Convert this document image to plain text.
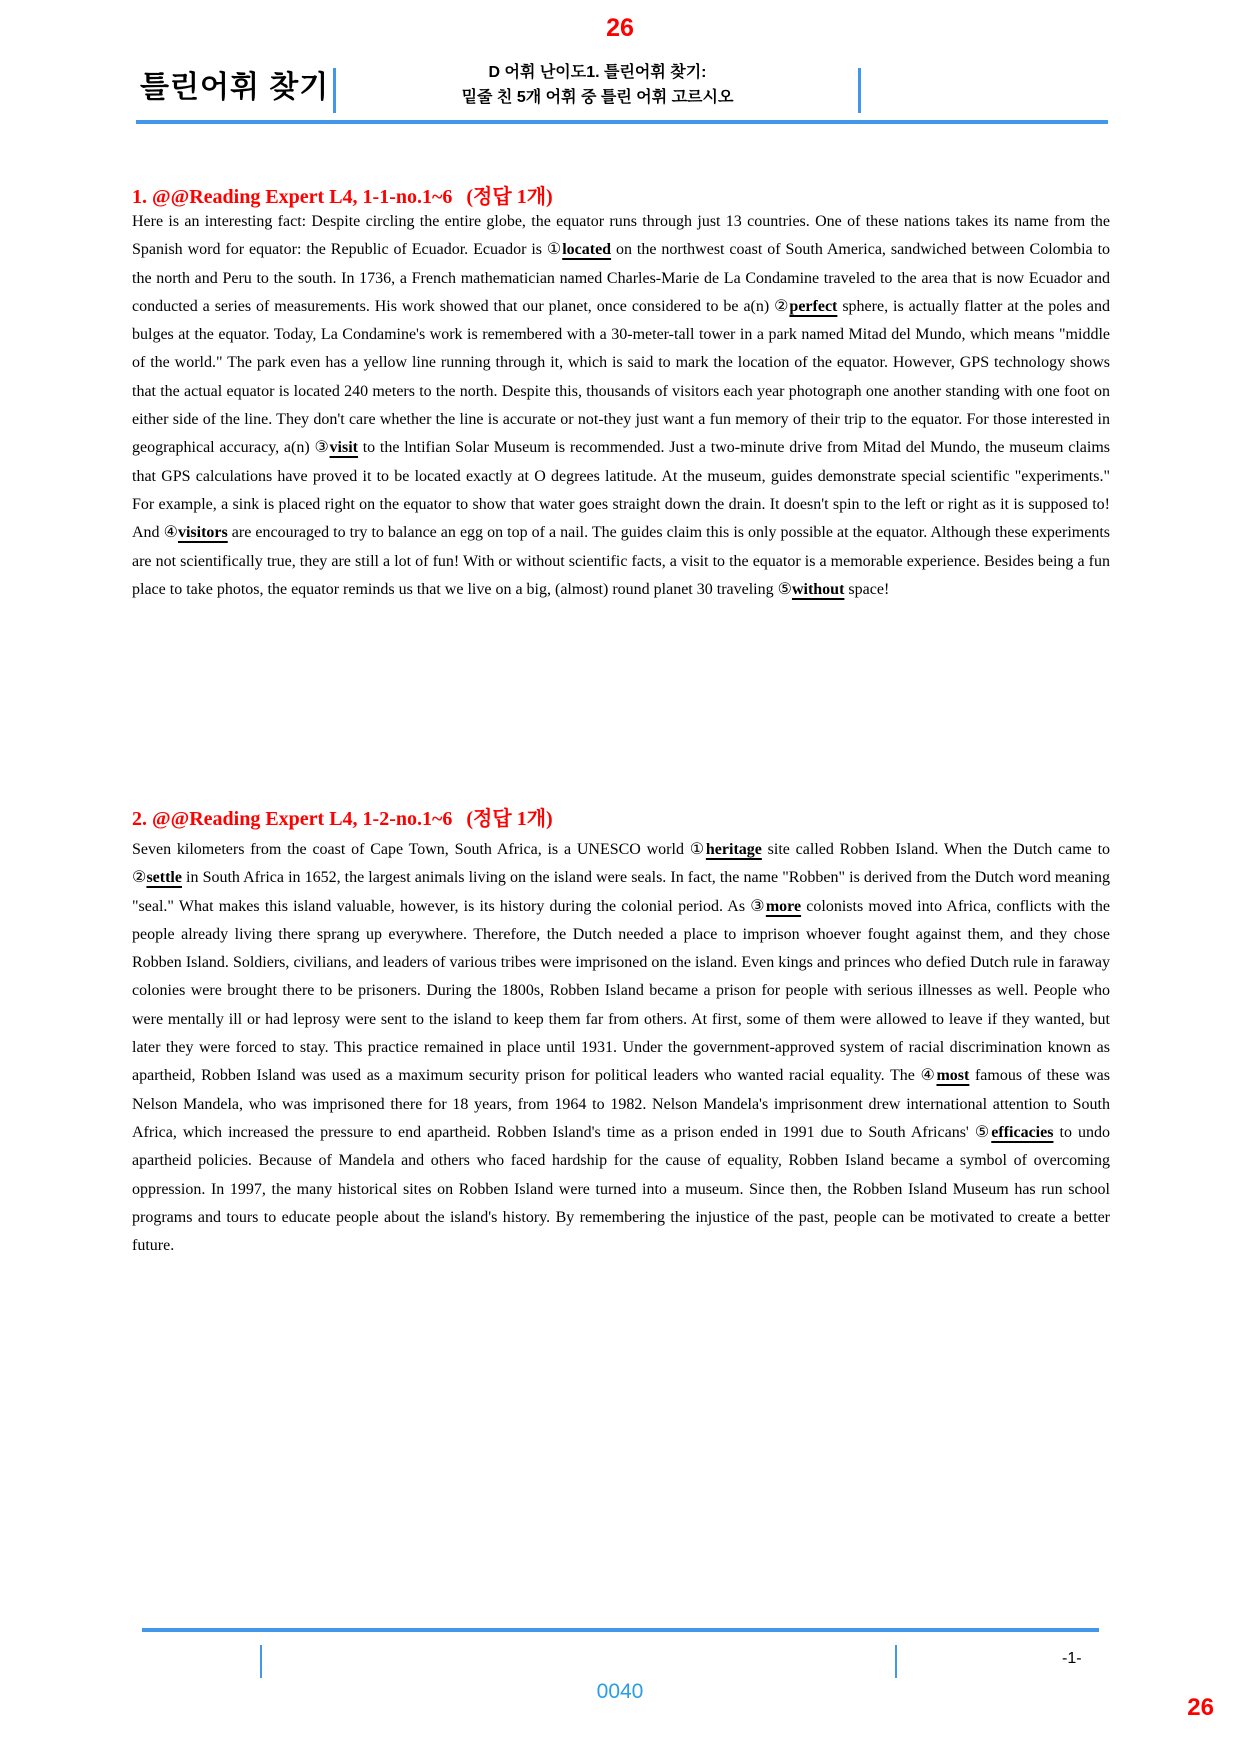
26
틀린어휘 찾기	D 어휘 난이도1. 틀린어휘 찾기:
밑줄 친 5개 어휘 중 틀린 어휘 고르시오
1. @@Reading Expert L4, 1-1-no.1~6 (정답 1개)
Here is an interesting fact: Despite circling the entire globe, the equator runs through just 13 countries. One of these nations takes its name from the Spanish word for equator: the Republic of Ecuador. Ecuador is ①located on the northwest coast of South America, sandwiched between Colombia to the north and Peru to the south. In 1736, a French mathematician named Charles-Marie de La Condamine traveled to the area that is now Ecuador and conducted a series of measurements. His work showed that our planet, once considered to be a(n) ②perfect sphere, is actually flatter at the poles and bulges at the equator. Today, La Condamine's work is remembered with a 30-meter-tall tower in a park named Mitad del Mundo, which means "middle of the world." The park even has a yellow line running through it, which is said to mark the location of the equator. However, GPS technology shows that the actual equator is located 240 meters to the north. Despite this, thousands of visitors each year photograph one another standing with one foot on either side of the line. They don't care whether the line is accurate or not-they just want a fun memory of their trip to the equator. For those interested in geographical accuracy, a(n) ③visit to the lntifian Solar Museum is recommended. Just a two-minute drive from Mitad del Mundo, the museum claims that GPS calculations have proved it to be located exactly at O degrees latitude. At the museum, guides demonstrate special scientific "experiments." For example, a sink is placed right on the equator to show that water goes straight down the drain. It doesn't spin to the left or right as it is supposed to! And ④visitors are encouraged to try to balance an egg on top of a nail. The guides claim this is only possible at the equator. Although these experiments are not scientifically true, they are still a lot of fun! With or without scientific facts, a visit to the equator is a memorable experience. Besides being a fun place to take photos, the equator reminds us that we live on a big, (almost) round planet 30 traveling ⑤without space!
2. @@Reading Expert L4, 1-2-no.1~6 (정답 1개)
Seven kilometers from the coast of Cape Town, South Africa, is a UNESCO world ①heritage site called Robben Island. When the Dutch came to ②settle in South Africa in 1652, the largest animals living on the island were seals. In fact, the name "Robben" is derived from the Dutch word meaning "seal." What makes this island valuable, however, is its history during the colonial period. As ③more colonists moved into Africa, conflicts with the people already living there sprang up everywhere. Therefore, the Dutch needed a place to imprison whoever fought against them, and they chose Robben Island. Soldiers, civilians, and leaders of various tribes were imprisoned on the island. Even kings and princes who defied Dutch rule in faraway colonies were brought there to be prisoners. During the 1800s, Robben Island became a prison for people with serious illnesses as well. People who were mentally ill or had leprosy were sent to the island to keep them far from others. At first, some of them were allowed to leave if they wanted, but later they were forced to stay. This practice remained in place until 1931. Under the government-approved system of racial discrimination known as apartheid, Robben Island was used as a maximum security prison for political leaders who wanted racial equality. The ④most famous of these was Nelson Mandela, who was imprisoned there for 18 years, from 1964 to 1982. Nelson Mandela's imprisonment drew international attention to South Africa, which increased the pressure to end apartheid. Robben Island's time as a prison ended in 1991 due to South Africans' ⑤efficacies to undo apartheid policies. Because of Mandela and others who faced hardship for the cause of equality, Robben Island became a symbol of overcoming oppression. In 1997, the many historical sites on Robben Island were turned into a museum. Since then, the Robben Island Museum has run school programs and tours to educate people about the island's history. By remembering the injustice of the past, people can be motivated to create a better future.
-1-
0040
26
